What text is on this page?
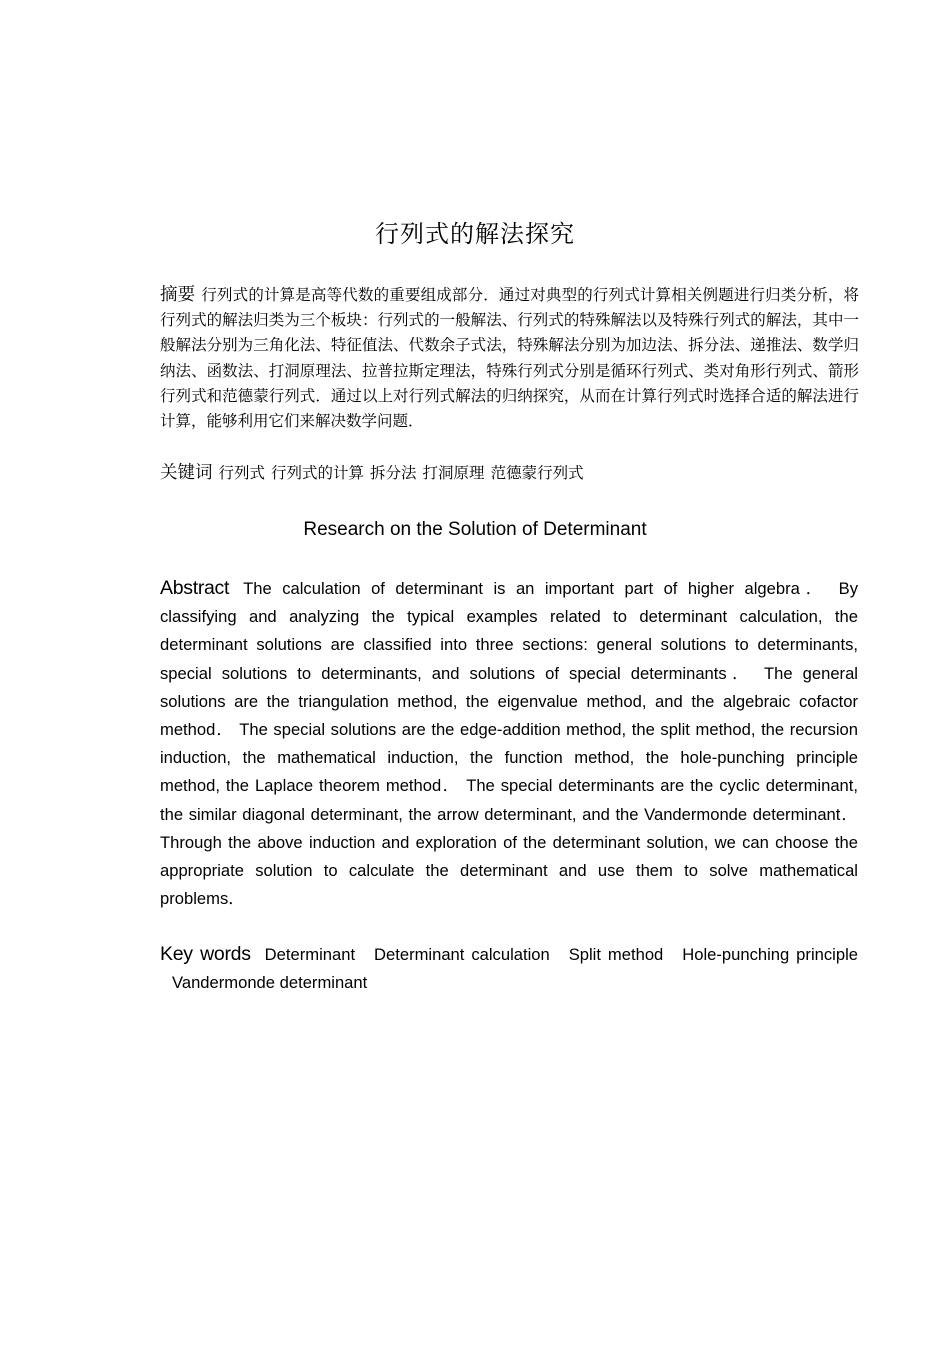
行列式的解法探究
摘要 行列式的计算是高等代数的重要组成部分．通过对典型的行列式计算相关例题进行归类分析，将行列式的解法归类为三个板块：行列式的一般解法、行列式的特殊解法以及特殊行列式的解法，其中一般解法分别为三角化法、特征值法、代数余子式法，特殊解法分别为加边法、拆分法、递推法、数学归纳法、函数法、打洞原理法、拉普拉斯定理法，特殊行列式分别是循环行列式、类对角形行列式、箭形行列式和范德蒙行列式．通过以上对行列式解法的归纳探究，从而在计算行列式时选择合适的解法进行计算，能够利用它们来解决数学问题．
关键词 行列式 行列式的计算 拆分法 打洞原理 范德蒙行列式
Research on the Solution of Determinant
Abstract The calculation of determinant is an important part of higher algebra． By classifying and analyzing the typical examples related to determinant calculation, the determinant solutions are classified into three sections: general solutions to determinants, special solutions to determinants, and solutions of special determinants． The general solutions are the triangulation method, the eigenvalue method, and the algebraic cofactor method． The special solutions are the edge-addition method, the split method, the recursion induction, the mathematical induction, the function method, the hole-punching principle method, the Laplace theorem method． The special determinants are the cyclic determinant, the similar diagonal determinant, the arrow determinant, and the Vandermonde determinant． Through the above induction and exploration of the determinant solution, we can choose the appropriate solution to calculate the determinant and use them to solve mathematical problems．
Key words Determinant Determinant calculation Split method Hole-punching principle Vandermonde determinant
